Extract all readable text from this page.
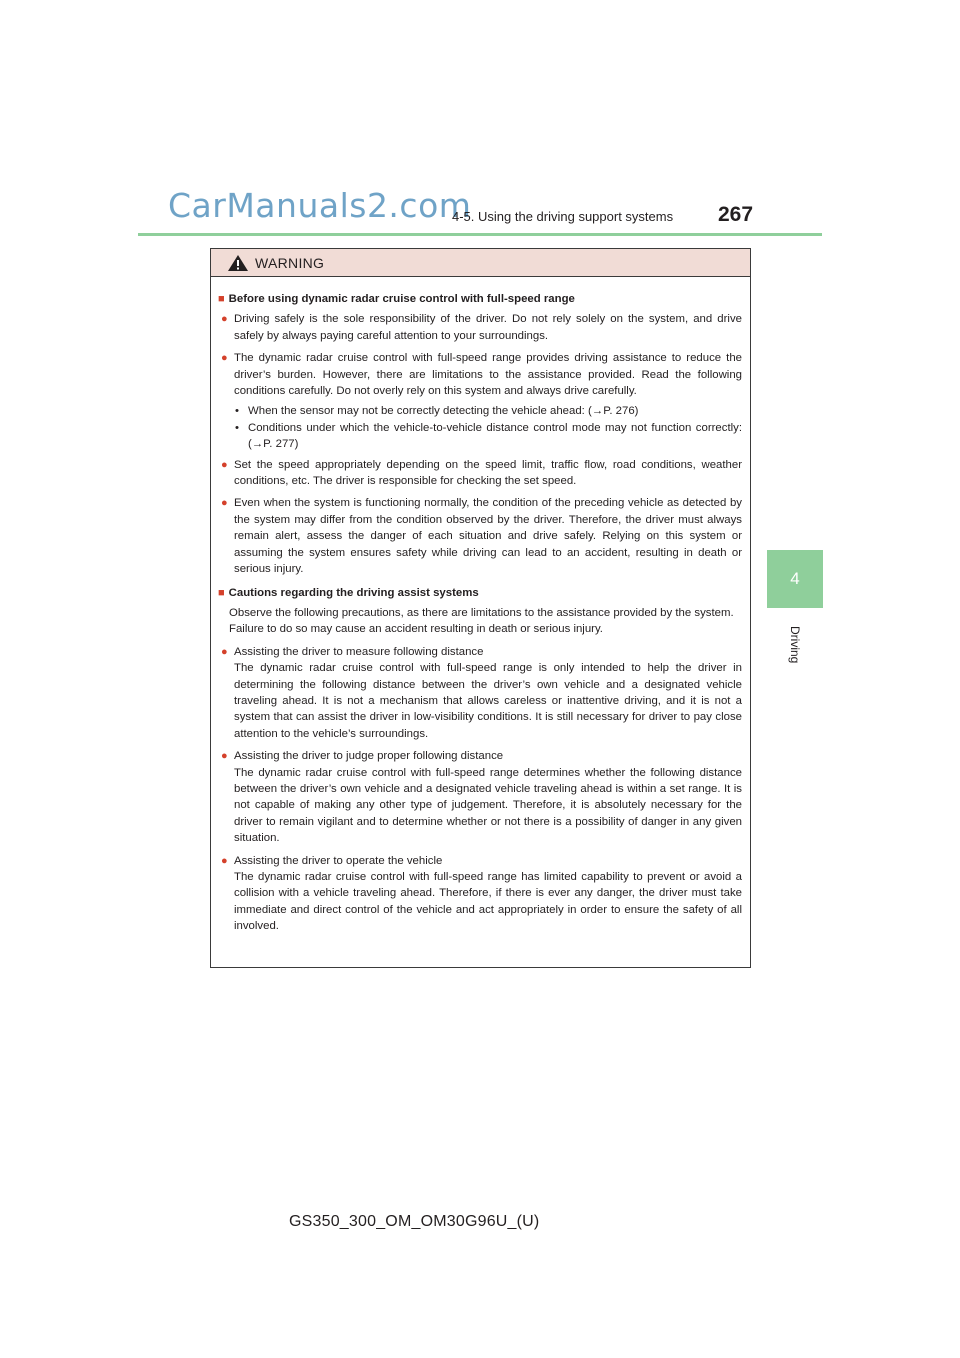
CarManuals2.com
4-5. Using the driving support systems 267
4
Driving
WARNING
■ Before using dynamic radar cruise control with full-speed range
● Driving safely is the sole responsibility of the driver. Do not rely solely on the system, and drive safely by always paying careful attention to your surroundings.
● The dynamic radar cruise control with full-speed range provides driving assistance to reduce the driver’s burden. However, there are limitations to the assistance provided. Read the following conditions carefully. Do not overly rely on this system and always drive carefully.
• When the sensor may not be correctly detecting the vehicle ahead: (→P. 276)
• Conditions under which the vehicle-to-vehicle distance control mode may not function correctly: (→P. 277)
● Set the speed appropriately depending on the speed limit, traffic flow, road conditions, weather conditions, etc. The driver is responsible for checking the set speed.
● Even when the system is functioning normally, the condition of the preceding vehicle as detected by the system may differ from the condition observed by the driver. Therefore, the driver must always remain alert, assess the danger of each situation and drive safely. Relying on this system or assuming the system ensures safety while driving can lead to an accident, resulting in death or serious injury.
■ Cautions regarding the driving assist systems
Observe the following precautions, as there are limitations to the assistance provided by the system.
Failure to do so may cause an accident resulting in death or serious injury.
● Assisting the driver to measure following distance
The dynamic radar cruise control with full-speed range is only intended to help the driver in determining the following distance between the driver’s own vehicle and a designated vehicle traveling ahead. It is not a mechanism that allows careless or inattentive driving, and it is not a system that can assist the driver in low-visibility conditions. It is still necessary for driver to pay close attention to the vehicle’s surroundings.
● Assisting the driver to judge proper following distance
The dynamic radar cruise control with full-speed range determines whether the following distance between the driver’s own vehicle and a designated vehicle traveling ahead is within a set range. It is not capable of making any other type of judgement. Therefore, it is absolutely necessary for the driver to remain vigilant and to determine whether or not there is a possibility of danger in any given situation.
● Assisting the driver to operate the vehicle
The dynamic radar cruise control with full-speed range has limited capability to prevent or avoid a collision with a vehicle traveling ahead. Therefore, if there is ever any danger, the driver must take immediate and direct control of the vehicle and act appropriately in order to ensure the safety of all involved.
GS350_300_OM_OM30G96U_(U)
